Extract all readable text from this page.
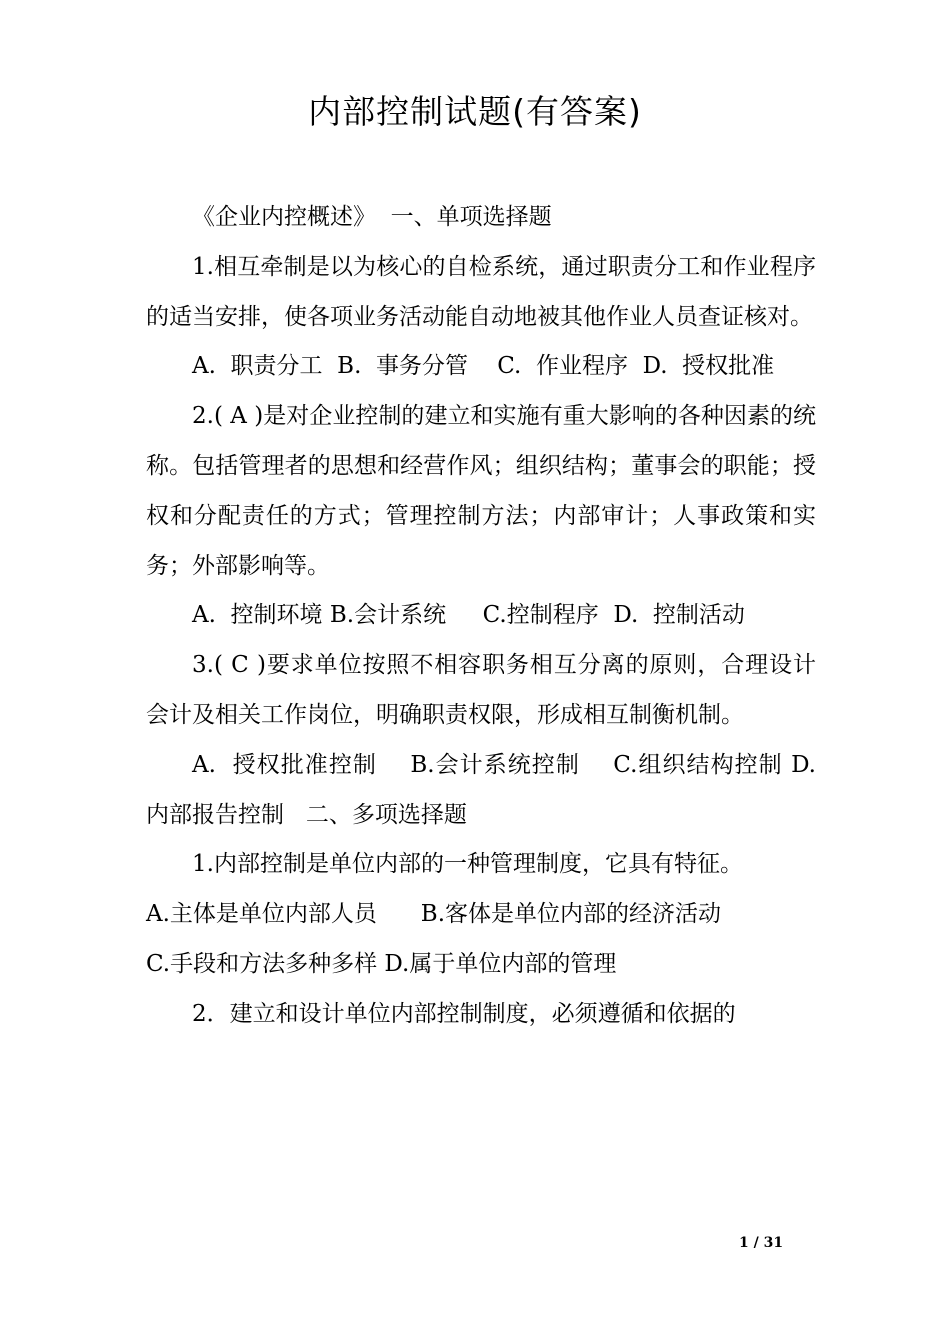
内部控制试题(有答案)

《企业内控概述》  一、单项选择题

1.相互牵制是以为核心的自检系统，通过职责分工和作业程序的适当安排，使各项业务活动能自动地被其他作业人员查证核对。

A.  职责分工  B.  事务分管    C.  作业程序  D.  授权批准

2.( A )是对企业控制的建立和实施有重大影响的各种因素的统称。包括管理者的思想和经营作风；组织结构；董事会的职能；授权和分配责任的方式；管理控制方法；内部审计；人事政策和实务；外部影响等。

A.  控制环境 B.会计系统     C.控制程序  D.  控制活动

3.( C )要求单位按照不相容职务相互分离的原则，合理设计会计及相关工作岗位，明确职责权限，形成相互制衡机制。

A.  授权批准控制    B.会计系统控制    C.组织结构控制 D.  内部报告控制   二、多项选择题

1.内部控制是单位内部的一种管理制度，它具有特征。

A.主体是单位内部人员      B.客体是单位内部的经济活动

C.手段和方法多种多样 D.属于单位内部的管理

2．建立和设计单位内部控制制度，必须遵循和依据的

1 / 31
